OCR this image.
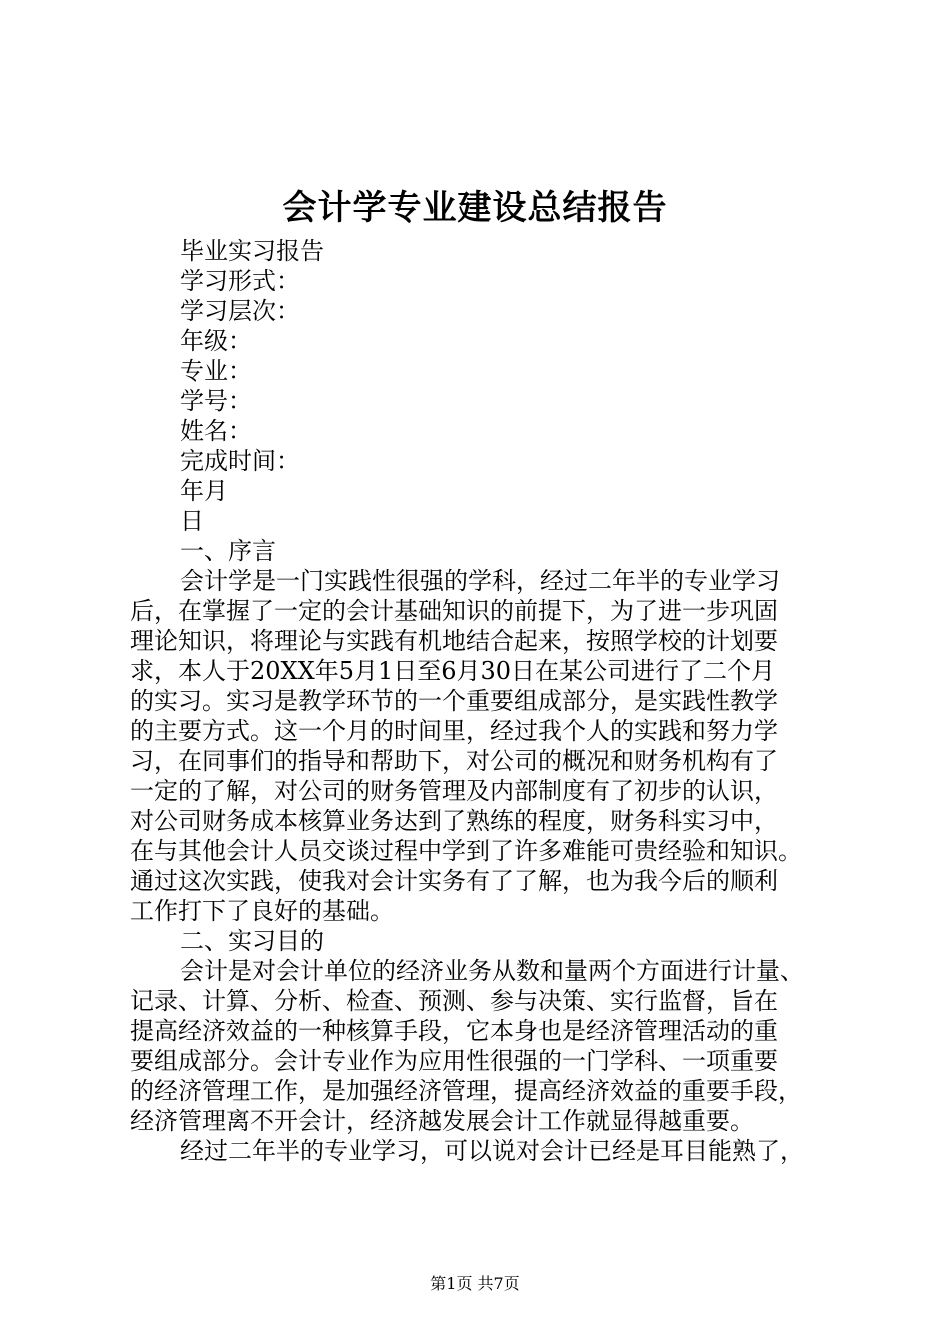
会计学专业建设总结报告
毕业实习报告
学习形式：
学习层次：
年级：
专业：
学号：
姓名：
完成时间：
年月
日
一、序言
会计学是一门实践性很强的学科，经过二年半的专业学习
后，在掌握了一定的会计基础知识的前提下，为了进一步巩固
理论知识，将理论与实践有机地结合起来，按照学校的计划要
求，本人于20XX年5月1日至6月30日在某公司进行了二个月
的实习。实习是教学环节的一个重要组成部分，是实践性教学
的主要方式。这一个月的时间里，经过我个人的实践和努力学
习，在同事们的指导和帮助下，对公司的概况和财务机构有了
一定的了解，对公司的财务管理及内部制度有了初步的认识，
对公司财务成本核算业务达到了熟练的程度，财务科实习中，
在与其他会计人员交谈过程中学到了许多难能可贵经验和知识。
通过这次实践，使我对会计实务有了了解，也为我今后的顺利
工作打下了良好的基础。
二、实习目的
会计是对会计单位的经济业务从数和量两个方面进行计量、
记录、计算、分析、检查、预测、参与决策、实行监督，旨在
提高经济效益的一种核算手段，它本身也是经济管理活动的重
要组成部分。会计专业作为应用性很强的一门学科、一项重要
的经济管理工作，是加强经济管理，提高经济效益的重要手段，
经济管理离不开会计，经济越发展会计工作就显得越重要。
经过二年半的专业学习，可以说对会计已经是耳目能熟了，
第1页 共7页
